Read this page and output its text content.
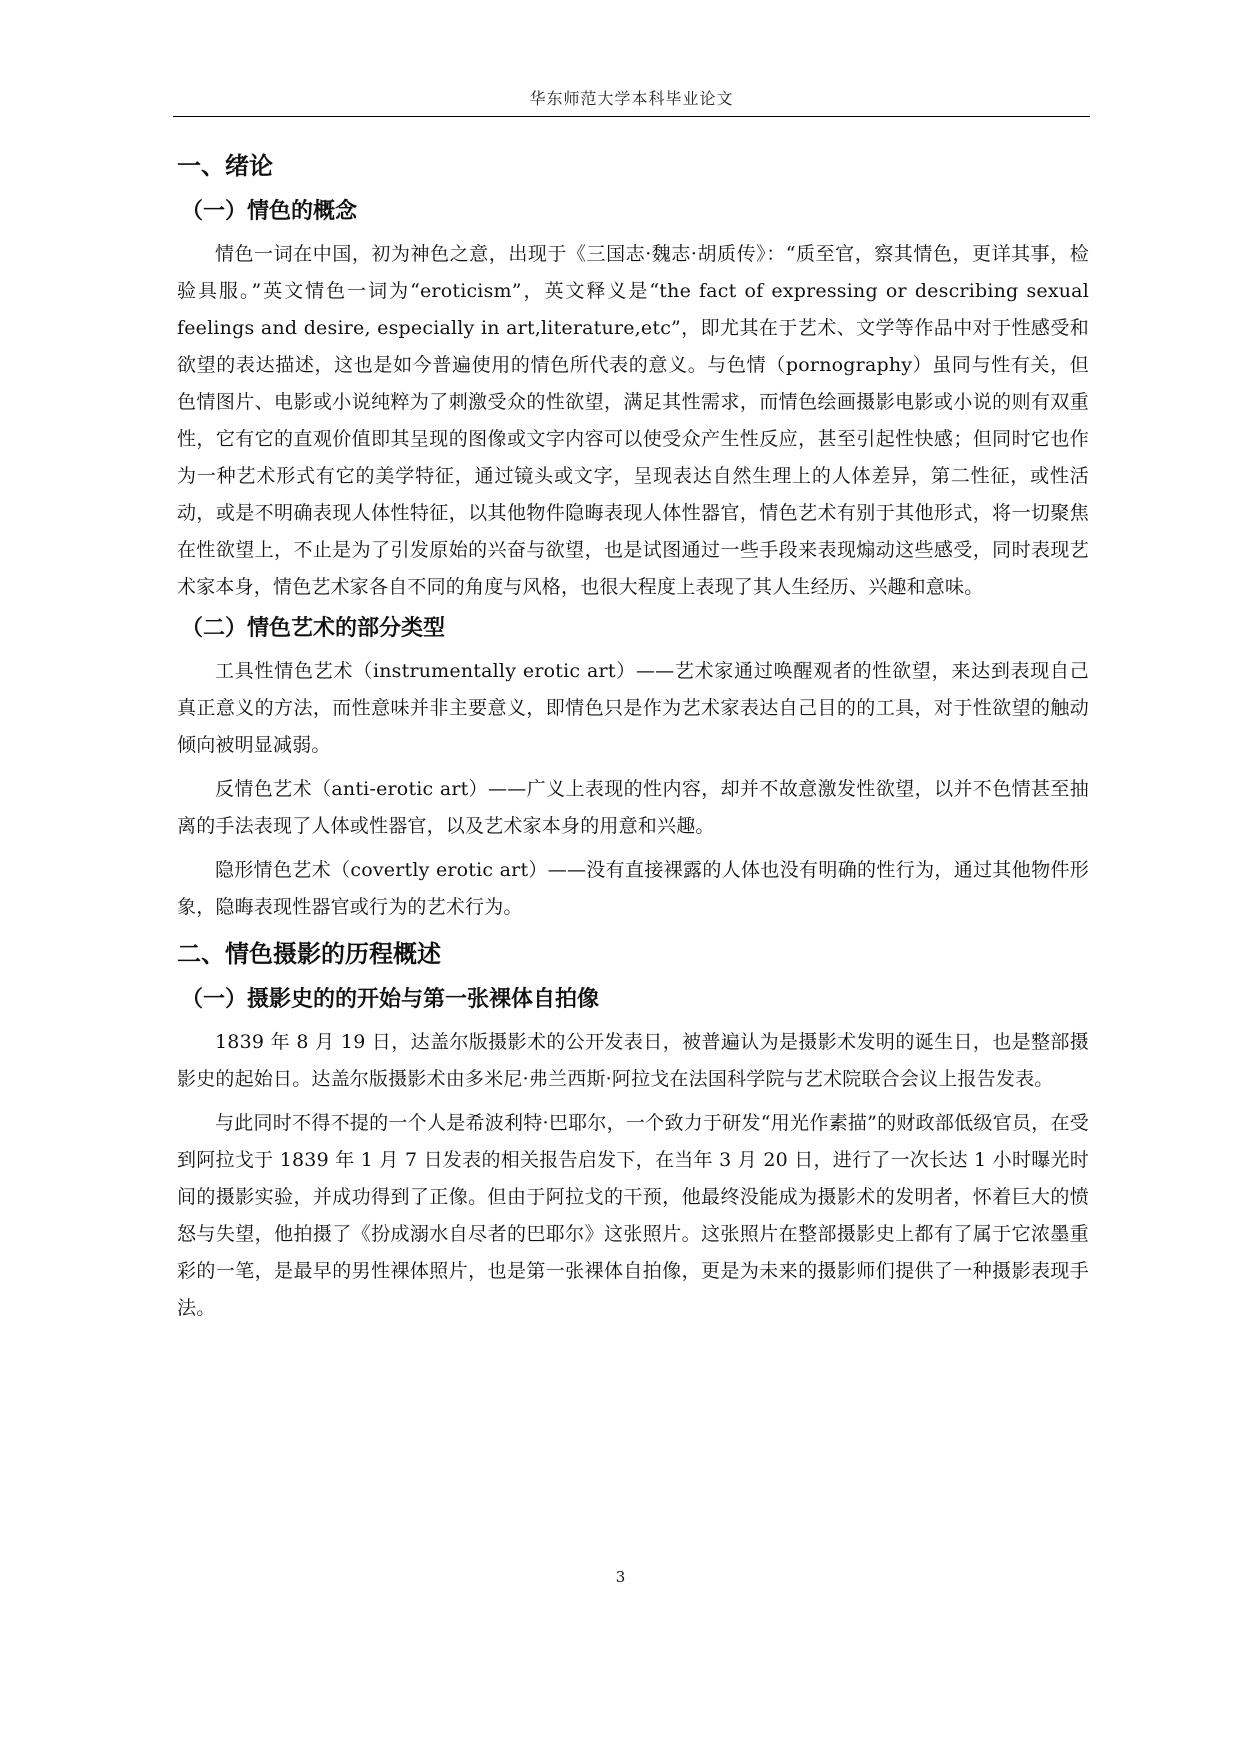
华东师范大学本科毕业论文
一、绪论
（一）情色的概念

情色一词在中国，初为神色之意，出现于《三国志·魏志·胡质传》：“质至官，察其情色，更详其事，检验具服。”英文情色一词为“eroticism”，英文释义是“the fact of expressing or describing sexual feelings and desire, especially in art,literature,etc”，即尤其在于艺术、文学等作品中对于性感受和欲望的表达描述，这也是如今普遍使用的情色所代表的意义。与色情（pornography）虽同与性有关，但色情图片、电影或小说纯粹为了刺激受众的性欲望，满足其性需求，而情色绘画摄影电影或小说的则有双重性，它有它的直观价值即其呈现的图像或文字内容可以使受众产生性反应，甚至引起性快感；但同时它也作为一种艺术形式有它的美学特征，通过镜头或文字，呈现表达自然生理上的人体差异，第二性征，或性活动，或是不明确表现人体性特征，以其他物件隐晦表现人体性器官，情色艺术有别于其他形式，将一切聚焦在性欲望上，不止是为了引发原始的兴奋与欲望，也是试图通过一些手段来表现煽动这些感受，同时表现艺术家本身，情色艺术家各自不同的角度与风格，也很大程度上表现了其人生经历、兴趣和意味。

（二）情色艺术的部分类型

工具性情色艺术（instrumentally erotic art）——艺术家通过唤醒观者的性欲望，来达到表现自己真正意义的方法，而性意味并非主要意义，即情色只是作为艺术家表达自己目的的工具，对于性欲望的触动倾向被明显减弱。

反情色艺术（anti-erotic art）——广义上表现的性内容，却并不故意激发性欲望，以并不色情甚至抽离的手法表现了人体或性器官，以及艺术家本身的用意和兴趣。

隐形情色艺术（covertly erotic art）——没有直接裸露的人体也没有明确的性行为，通过其他物件形象，隐晦表现性器官或行为的艺术行为。

二、情色摄影的历程概述
（一）摄影史的的开始与第一张裸体自拍像

1839 年 8 月 19 日，达盖尔版摄影术的公开发表日，被普遍认为是摄影术发明的诞生日，也是整部摄影史的起始日。达盖尔版摄影术由多米尼·弗兰西斯·阿拉戈在法国科学院与艺术院联合会议上报告发表。

与此同时不得不提的一个人是希波利特·巴耶尔，一个致力于研发“用光作素描”的财政部低级官员，在受到阿拉戈于 1839 年 1 月 7 日发表的相关报告启发下，在当年 3 月 20 日，进行了一次长达 1 小时曝光时间的摄影实验，并成功得到了正像。但由于阿拉戈的干预，他最终没能成为摄影术的发明者，怀着巨大的愤怒与失望，他拍摄了《扮成溺水自尽者的巴耶尔》这张照片。这张照片在整部摄影史上都有了属于它浓墨重彩的一笔，是最早的男性裸体照片，也是第一张裸体自拍像，更是为未来的摄影师们提供了一种摄影表现手法。

3
